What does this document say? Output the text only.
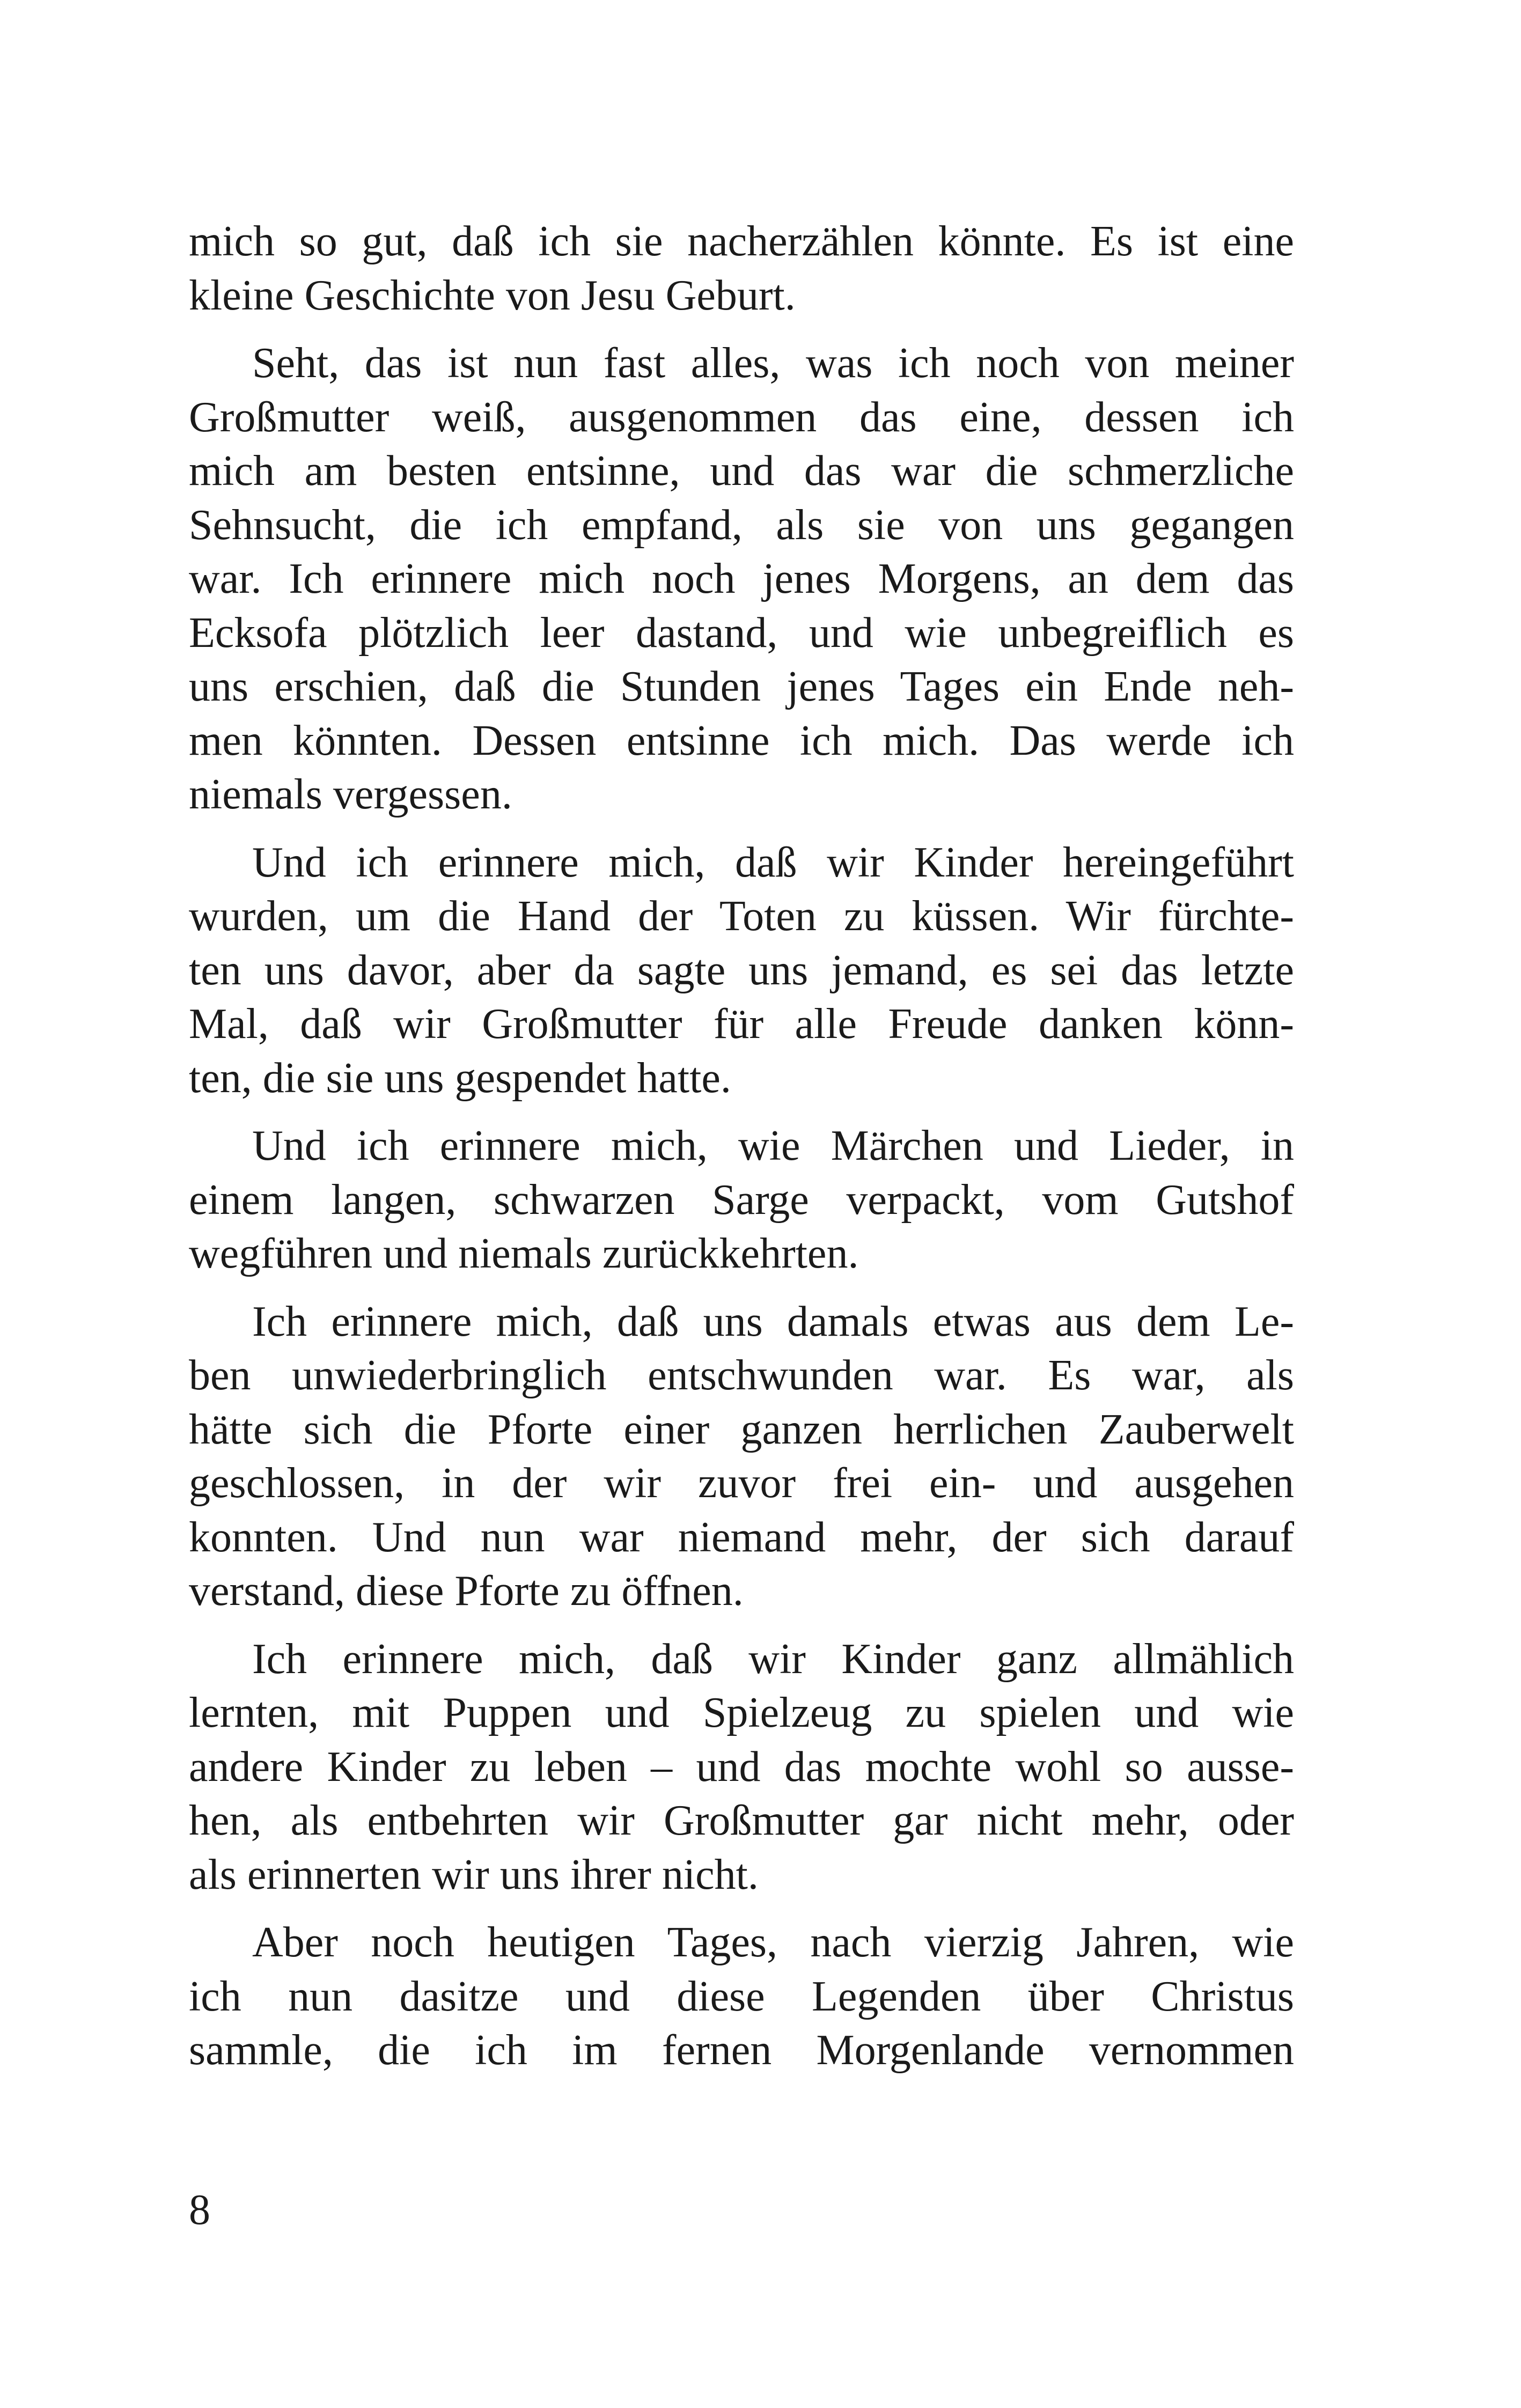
mich so gut, daß ich sie nacherzählen könnte. Es ist eine
kleine Geschichte von Jesu Geburt.
Seht, das ist nun fast alles, was ich noch von meiner
Großmutter weiß, ausgenommen das eine, dessen ich
mich am besten entsinne, und das war die schmerzliche
Sehnsucht, die ich empfand, als sie von uns gegangen
war. Ich erinnere mich noch jenes Morgens, an dem das
Ecksofa plötzlich leer dastand, und wie unbegreiflich es
uns erschien, daß die Stunden jenes Tages ein Ende neh-
men könnten. Dessen entsinne ich mich. Das werde ich
niemals vergessen.
Und ich erinnere mich, daß wir Kinder hereingeführt
wurden, um die Hand der Toten zu küssen. Wir fürchte-
ten uns davor, aber da sagte uns jemand, es sei das letzte
Mal, daß wir Großmutter für alle Freude danken könn-
ten, die sie uns gespendet hatte.
Und ich erinnere mich, wie Märchen und Lieder, in
einem langen, schwarzen Sarge verpackt, vom Gutshof
wegführen und niemals zurückkehrten.
Ich erinnere mich, daß uns damals etwas aus dem Le-
ben unwiederbringlich entschwunden war. Es war, als
hätte sich die Pforte einer ganzen herrlichen Zauberwelt
geschlossen, in der wir zuvor frei ein- und ausgehen
konnten. Und nun war niemand mehr, der sich darauf
verstand, diese Pforte zu öffnen.
Ich erinnere mich, daß wir Kinder ganz allmählich
lernten, mit Puppen und Spielzeug zu spielen und wie
andere Kinder zu leben – und das mochte wohl so ausse-
hen, als entbehrten wir Großmutter gar nicht mehr, oder
als erinnerten wir uns ihrer nicht.
Aber noch heutigen Tages, nach vierzig Jahren, wie
ich nun dasitze und diese Legenden über Christus
sammle, die ich im fernen Morgenlande vernommen
8
